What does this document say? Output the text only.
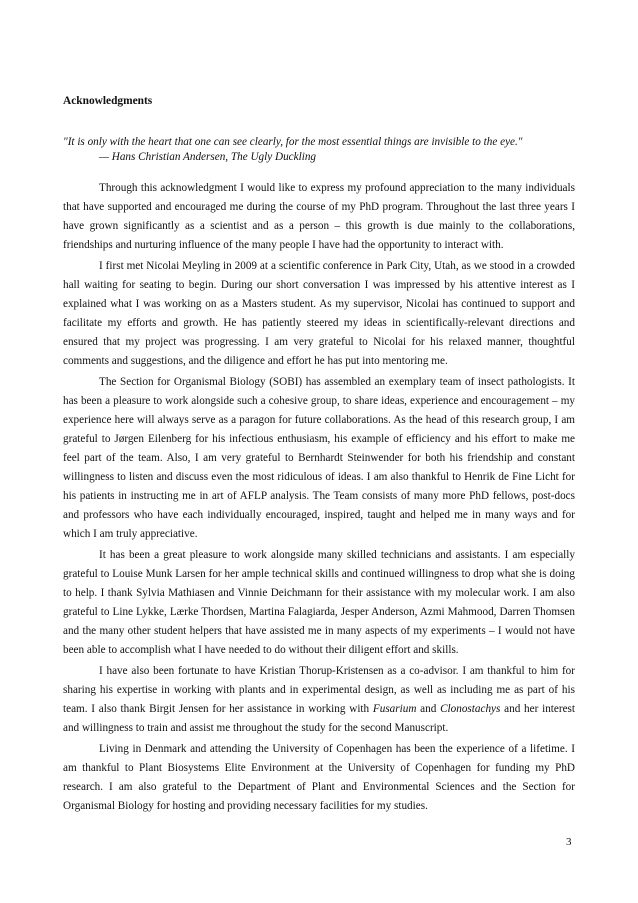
Acknowledgments

"It is only with the heart that one can see clearly, for the most essential things are invisible to the eye."

— Hans Christian Andersen, The Ugly Duckling

Through this acknowledgment I would like to express my profound appreciation to the many individuals that have supported and encouraged me during the course of my PhD program. Throughout the last three years I have grown significantly as a scientist and as a person – this growth is due mainly to the collaborations, friendships and nurturing influence of the many people I have had the opportunity to interact with.

I first met Nicolai Meyling in 2009 at a scientific conference in Park City, Utah, as we stood in a crowded hall waiting for seating to begin. During our short conversation I was impressed by his attentive interest as I explained what I was working on as a Masters student. As my supervisor, Nicolai has continued to support and facilitate my efforts and growth. He has patiently steered my ideas in scientifically-relevant directions and ensured that my project was progressing. I am very grateful to Nicolai for his relaxed manner, thoughtful comments and suggestions, and the diligence and effort he has put into mentoring me.

The Section for Organismal Biology (SOBI) has assembled an exemplary team of insect pathologists. It has been a pleasure to work alongside such a cohesive group, to share ideas, experience and encouragement – my experience here will always serve as a paragon for future collaborations. As the head of this research group, I am grateful to Jørgen Eilenberg for his infectious enthusiasm, his example of efficiency and his effort to make me feel part of the team. Also, I am very grateful to Bernhardt Steinwender for both his friendship and constant willingness to listen and discuss even the most ridiculous of ideas. I am also thankful to Henrik de Fine Licht for his patients in instructing me in art of AFLP analysis. The Team consists of many more PhD fellows, post-docs and professors who have each individually encouraged, inspired, taught and helped me in many ways and for which I am truly appreciative.

It has been a great pleasure to work alongside many skilled technicians and assistants. I am especially grateful to Louise Munk Larsen for her ample technical skills and continued willingness to drop what she is doing to help. I thank Sylvia Mathiasen and Vinnie Deichmann for their assistance with my molecular work. I am also grateful to Line Lykke, Lærke Thordsen, Martina Falagiarda, Jesper Anderson, Azmi Mahmood, Darren Thomsen and the many other student helpers that have assisted me in many aspects of my experiments – I would not have been able to accomplish what I have needed to do without their diligent effort and skills.

I have also been fortunate to have Kristian Thorup-Kristensen as a co-advisor. I am thankful to him for sharing his expertise in working with plants and in experimental design, as well as including me as part of his team. I also thank Birgit Jensen for her assistance in working with Fusarium and Clonostachys and her interest and willingness to train and assist me throughout the study for the second Manuscript.

Living in Denmark and attending the University of Copenhagen has been the experience of a lifetime. I am thankful to Plant Biosystems Elite Environment at the University of Copenhagen for funding my PhD research. I am also grateful to the Department of Plant and Environmental Sciences and the Section for Organismal Biology for hosting and providing necessary facilities for my studies.

3
